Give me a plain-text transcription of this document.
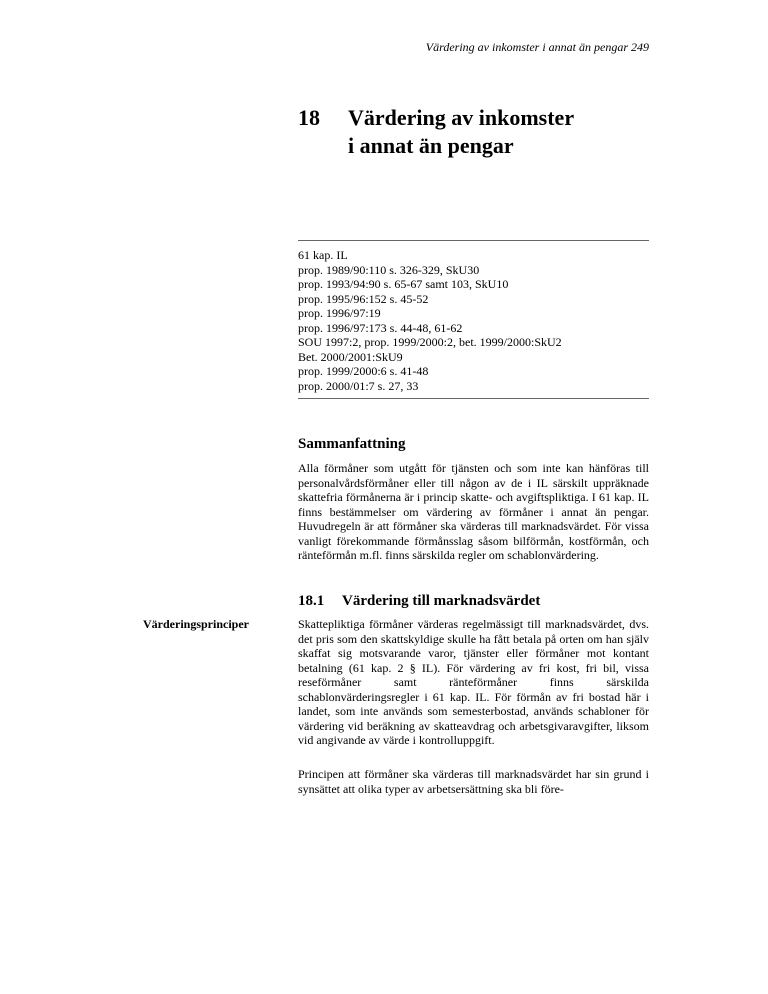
Värdering av inkomster i annat än pengar 249
18	Värdering av inkomster
i annat än pengar
61 kap. IL
prop. 1989/90:110 s. 326-329, SkU30
prop. 1993/94:90 s. 65-67 samt 103, SkU10
prop. 1995/96:152 s. 45-52
prop. 1996/97:19
prop. 1996/97:173 s. 44-48, 61-62
SOU 1997:2, prop. 1999/2000:2, bet. 1999/2000:SkU2
Bet. 2000/2001:SkU9
prop. 1999/2000:6 s. 41-48
prop. 2000/01:7 s. 27, 33
Sammanfattning

Alla förmåner som utgått för tjänsten och som inte kan hänföras till personalvårdsförmåner eller till någon av de i IL särskilt uppräknade skattefria förmånerna är i princip skatte- och avgiftspliktiga. I 61 kap. IL finns bestämmelser om värdering av förmåner i annat än pengar. Huvudregeln är att förmåner ska värderas till marknadsvärdet. För vissa vanligt förekommande förmånsslag såsom bilförmån, kostförmån, och ränteförmån m.fl. finns särskilda regler om schablonvärdering.

18.1 Värdering till marknadsvärdet

Värderingsprinciper	Skattepliktiga förmåner värderas regelmässigt till marknadsvärdet, dvs. det pris som den skattskyldige skulle ha fått betala på orten om han själv skaffat sig motsvarande varor, tjänster eller förmåner mot kontant betalning (61 kap. 2 § IL). För värdering av fri kost, fri bil, vissa reseförmåner samt ränteförmåner finns särskilda schablonvärderingsregler i 61 kap. IL. För förmån av fri bostad här i landet, som inte används som semesterbostad, används schabloner för värdering vid beräkning av skatteavdrag och arbetsgivaravgifter, liksom vid angivande av värde i kontrolluppgift.

Principen att förmåner ska värderas till marknadsvärdet har sin grund i synsättet att olika typer av arbetsersättning ska bli före-
